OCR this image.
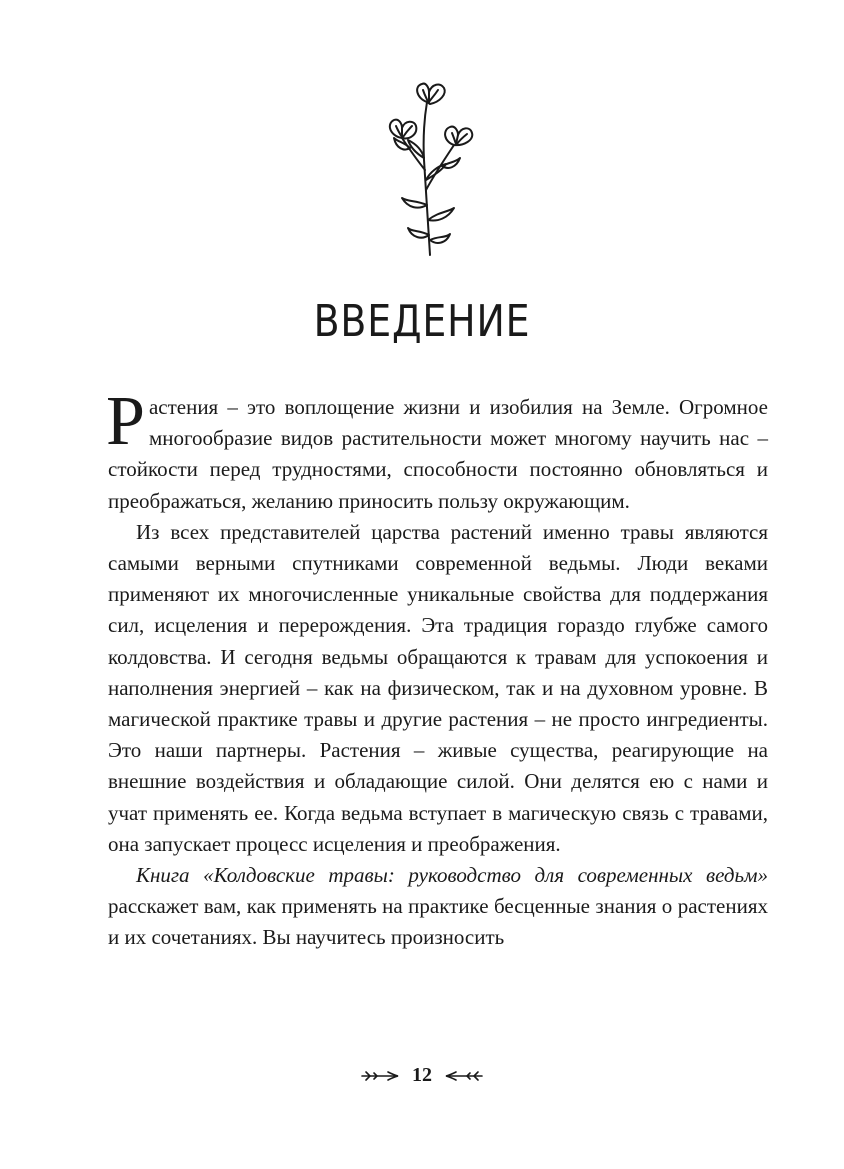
ВВЕДЕНИЕ

Растения – это воплощение жизни и изобилия на Земле. Огромное многообразие видов растительности может многому научить нас – стойкости перед трудностями, способности постоянно обновляться и преображаться, желанию приносить пользу окружающим.

Из всех представителей царства растений именно травы являются самыми верными спутниками современной ведьмы. Люди веками применяют их многочисленные уникальные свойства для поддержания сил, исцеления и перерождения. Эта традиция гораздо глубже самого колдовства. И сегодня ведьмы обращаются к травам для успокоения и наполнения энергией – как на физическом, так и на духовном уровне. В магической практике травы и другие растения – не просто ингредиенты. Это наши партнеры. Растения – живые существа, реагирующие на внешние воздействия и обладающие силой. Они делятся ею с нами и учат применять ее. Когда ведьма вступает в магическую связь с травами, она запускает процесс исцеления и преображения.

Книга «Колдовские травы: руководство для современных ведьм» расскажет вам, как применять на практике бесценные знания о растениях и их сочетаниях. Вы научитесь произносить

12
